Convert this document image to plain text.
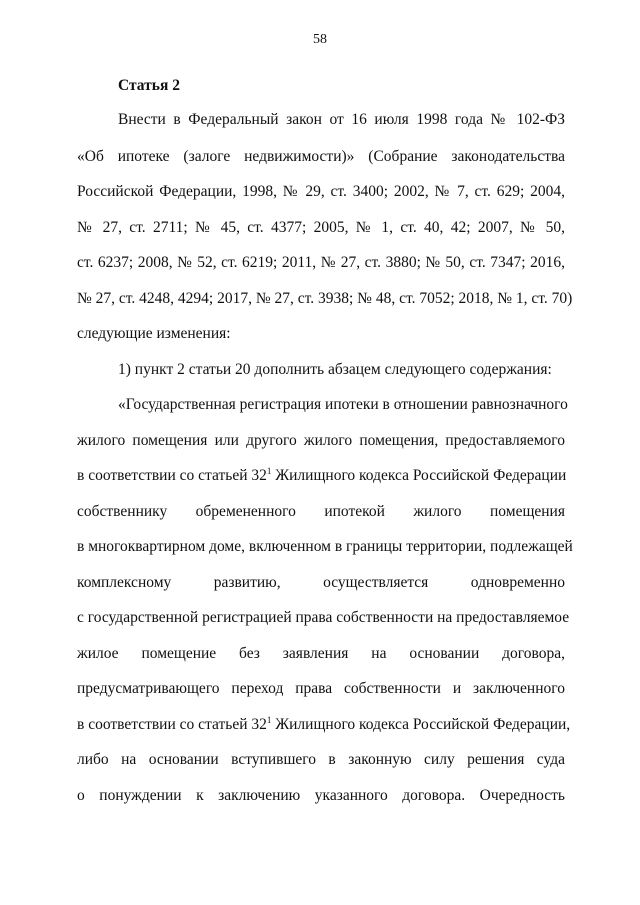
58
Статья 2
Внести в Федеральный закон от 16 июля 1998 года № 102-ФЗ
«Об ипотеке (залоге недвижимости)» (Собрание законодательства
Российской Федерации, 1998, № 29, ст. 3400; 2002, № 7, ст. 629; 2004,
№ 27, ст. 2711; № 45, ст. 4377; 2005, № 1, ст. 40, 42; 2007, № 50,
ст. 6237; 2008, № 52, ст. 6219; 2011, № 27, ст. 3880; № 50, ст. 7347; 2016,
№ 27, ст. 4248, 4294; 2017, № 27, ст. 3938; № 48, ст. 7052; 2018, № 1, ст. 70)
следующие изменения:
1) пункт 2 статьи 20 дополнить абзацем следующего содержания:
«Государственная регистрация ипотеки в отношении равнозначного
жилого помещения или другого жилого помещения, предоставляемого
в соответствии со статьей $32^1$ Жилищного кодекса Российской Федерации
собственнику обремененного ипотекой жилого помещения
в многоквартирном доме, включенном в границы территории, подлежащей
комплексному развитию, осуществляется одновременно
с государственной регистрацией права собственности на предоставляемое
жилое помещение без заявления на основании договора,
предусматривающего переход права собственности и заключенного
в соответствии со статьей $32^1$ Жилищного кодекса Российской Федерации,
либо на основании вступившего в законную силу решения суда
о понуждении к заключению указанного договора. Очередность
